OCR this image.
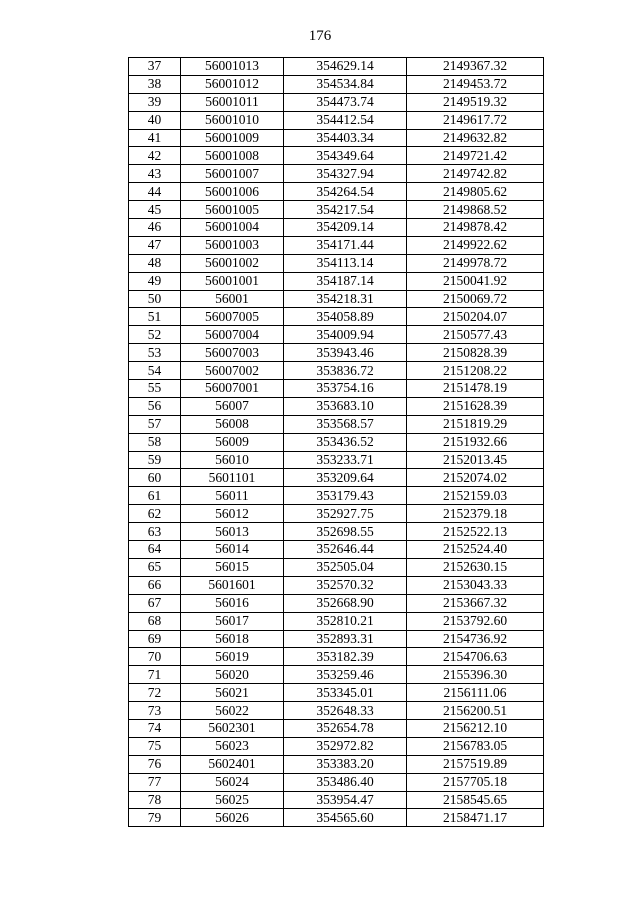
176
37	56001013	354629.14	2149367.32
38	56001012	354534.84	2149453.72
39	56001011	354473.74	2149519.32
40	56001010	354412.54	2149617.72
41	56001009	354403.34	2149632.82
42	56001008	354349.64	2149721.42
43	56001007	354327.94	2149742.82
44	56001006	354264.54	2149805.62
45	56001005	354217.54	2149868.52
46	56001004	354209.14	2149878.42
47	56001003	354171.44	2149922.62
48	56001002	354113.14	2149978.72
49	56001001	354187.14	2150041.92
50	56001	354218.31	2150069.72
51	56007005	354058.89	2150204.07
52	56007004	354009.94	2150577.43
53	56007003	353943.46	2150828.39
54	56007002	353836.72	2151208.22
55	56007001	353754.16	2151478.19
56	56007	353683.10	2151628.39
57	56008	353568.57	2151819.29
58	56009	353436.52	2151932.66
59	56010	353233.71	2152013.45
60	5601101	353209.64	2152074.02
61	56011	353179.43	2152159.03
62	56012	352927.75	2152379.18
63	56013	352698.55	2152522.13
64	56014	352646.44	2152524.40
65	56015	352505.04	2152630.15
66	5601601	352570.32	2153043.33
67	56016	352668.90	2153667.32
68	56017	352810.21	2153792.60
69	56018	352893.31	2154736.92
70	56019	353182.39	2154706.63
71	56020	353259.46	2155396.30
72	56021	353345.01	2156111.06
73	56022	352648.33	2156200.51
74	5602301	352654.78	2156212.10
75	56023	352972.82	2156783.05
76	5602401	353383.20	2157519.89
77	56024	353486.40	2157705.18
78	56025	353954.47	2158545.65
79	56026	354565.60	2158471.17
